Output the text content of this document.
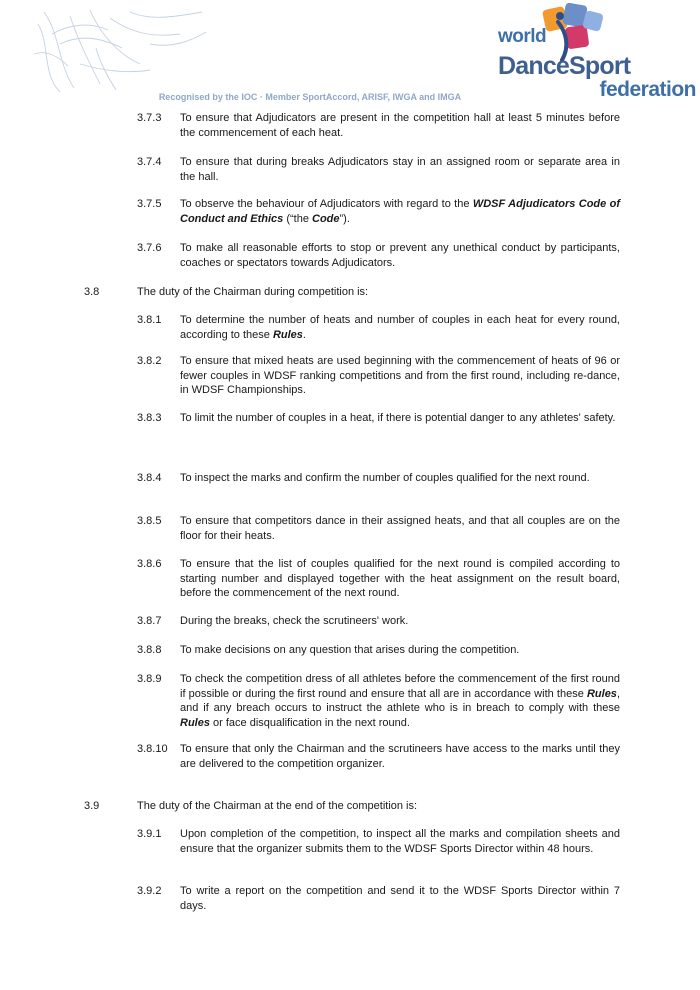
world
DanceSport
federation
Recognised by the IOC · Member SportAccord, ARISF, IWGA and IMGA
3.7.3 To ensure that Adjudicators are present in the competition hall at least 5 minutes before the commencement of each heat.
3.7.4 To ensure that during breaks Adjudicators stay in an assigned room or separate area in the hall.
3.7.5 To observe the behaviour of Adjudicators with regard to the WDSF Adjudicators Code of Conduct and Ethics (“the Code”).
3.7.6 To make all reasonable efforts to stop or prevent any unethical conduct by participants, coaches or spectators towards Adjudicators.
3.8	The duty of the Chairman during competition is:
3.8.1 To determine the number of heats and number of couples in each heat for every round, according to these Rules.
3.8.2 To ensure that mixed heats are used beginning with the commencement of heats of 96 or fewer couples in WDSF ranking competitions and from the first round, including re-dance, in WDSF Championships.
3.8.3 To limit the number of couples in a heat, if there is potential danger to any athletes' safety.
3.8.4 To inspect the marks and confirm the number of couples qualified for the next round.
3.8.5 To ensure that competitors dance in their assigned heats, and that all couples are on the floor for their heats.
3.8.6 To ensure that the list of couples qualified for the next round is compiled according to starting number and displayed together with the heat assignment on the result board, before the commencement of the next round.
3.8.7 During the breaks, check the scrutineers' work.
3.8.8 To make decisions on any question that arises during the competition.
3.8.9 To check the competition dress of all athletes before the commencement of the first round if possible or during the first round and ensure that all are in accordance with these Rules, and if any breach occurs to instruct the athlete who is in breach to comply with these Rules or face disqualification in the next round.
3.8.10 To ensure that only the Chairman and the scrutineers have access to the marks until they are delivered to the competition organizer.
3.9	The duty of the Chairman at the end of the competition is:
3.9.1 Upon completion of the competition, to inspect all the marks and compilation sheets and ensure that the organizer submits them to the WDSF Sports Director within 48 hours.
3.9.2 To write a report on the competition and send it to the WDSF Sports Director within 7 days.
